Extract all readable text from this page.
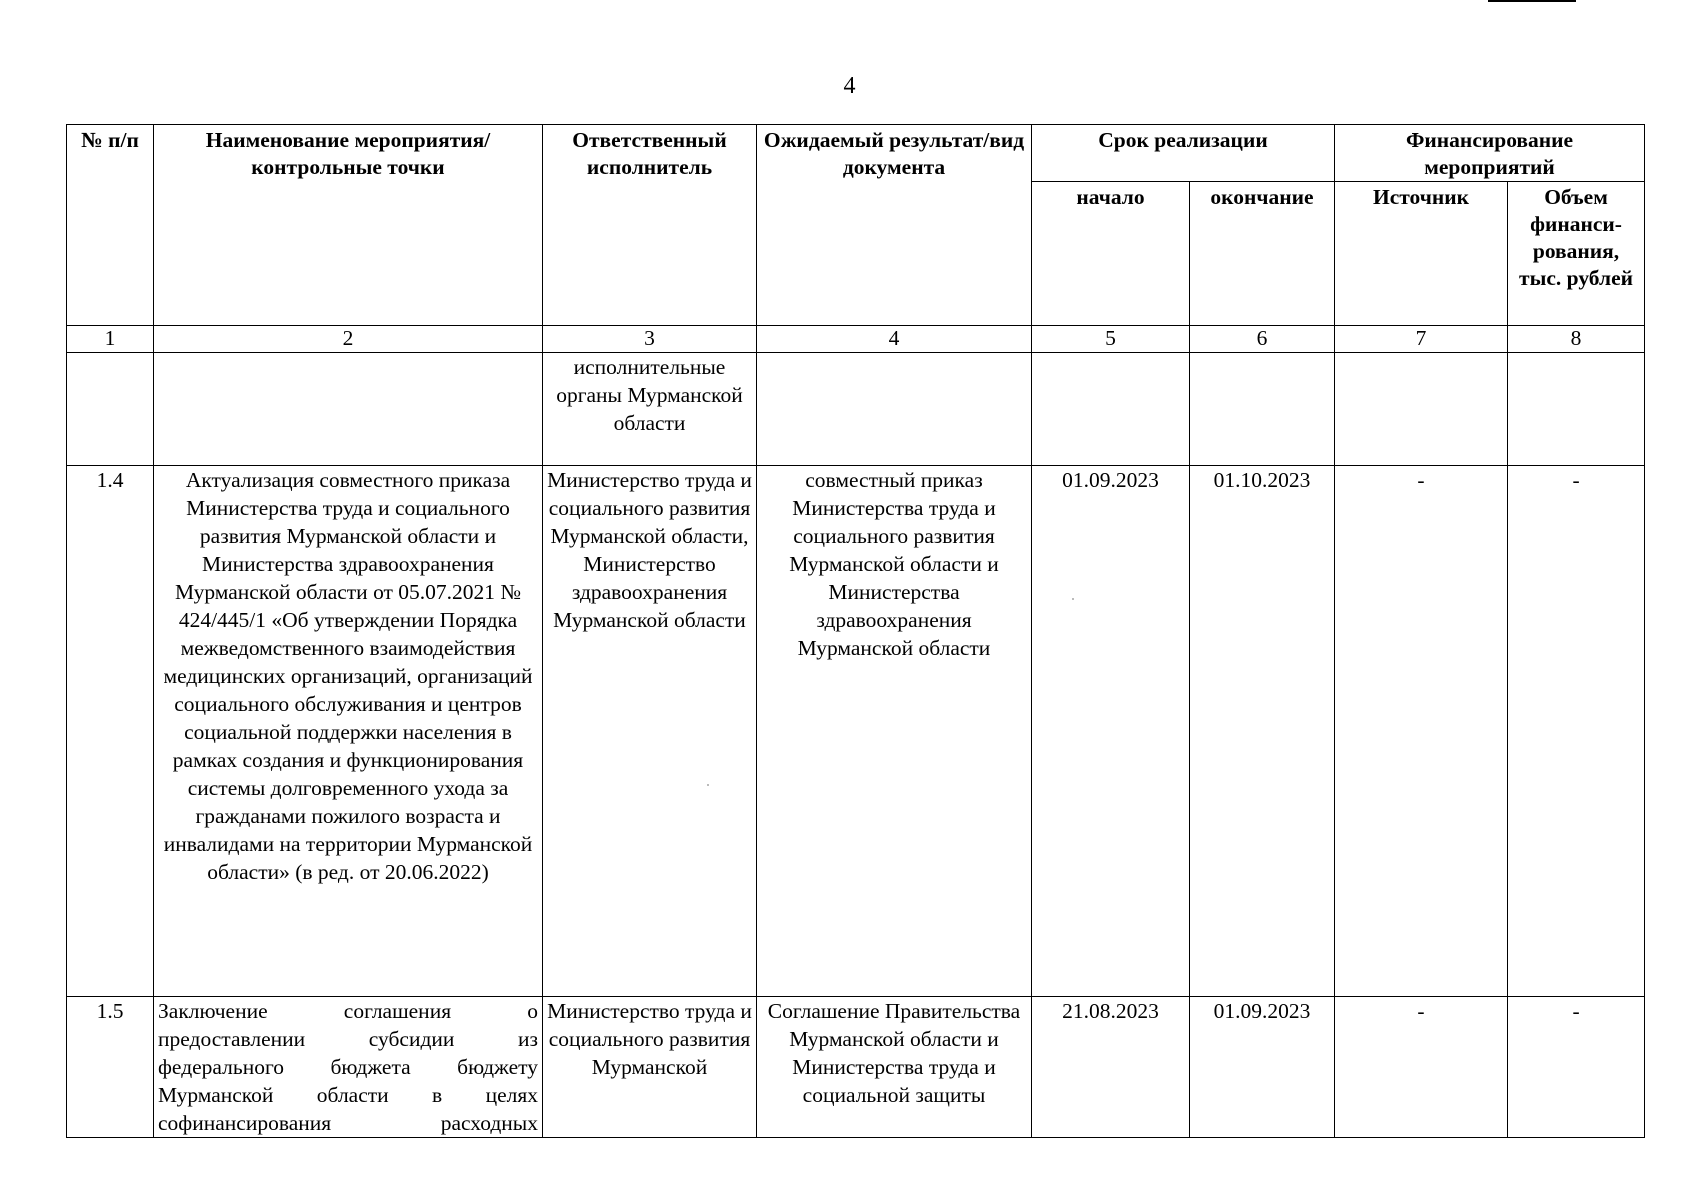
4
№ п/п	Наименование мероприятия/ контрольные точки	Ответственный исполнитель	Ожидаемый результат/вид документа	Срок реализации		Финансирование мероприятий	
				начало	окончание	Источник	Объем финанси-рования, тыс. рублей
1	2	3	4	5	6	7	8
		исполнительные органы Мурманской области					
1.4	Актуализация совместного приказа Министерства труда и социального развития Мурманской области и Министерства здравоохранения Мурманской области от 05.07.2021 № 424/445/1 «Об утверждении Порядка межведомственного взаимодействия медицинских организаций, организаций социального обслуживания и центров социальной поддержки населения в рамках создания и функционирования системы долговременного ухода за гражданами пожилого возраста и инвалидами на территории Мурманской области» (в ред. от 20.06.2022)	Министерство труда и социального развития Мурманской области, Министерство здравоохранения Мурманской области	совместный приказ Министерства труда и социального развития Мурманской области и Министерства здравоохранения Мурманской области	01.09.2023	01.10.2023	-	-
1.5	Заключение соглашения о предоставлении субсидии из федерального бюджета бюджету Мурманской области в целях софинансирования расходных	Министерство труда и социального развития Мурманской	Соглашение Правительства Мурманской области и Министерства труда и социальной защиты	21.08.2023	01.09.2023	-	-
